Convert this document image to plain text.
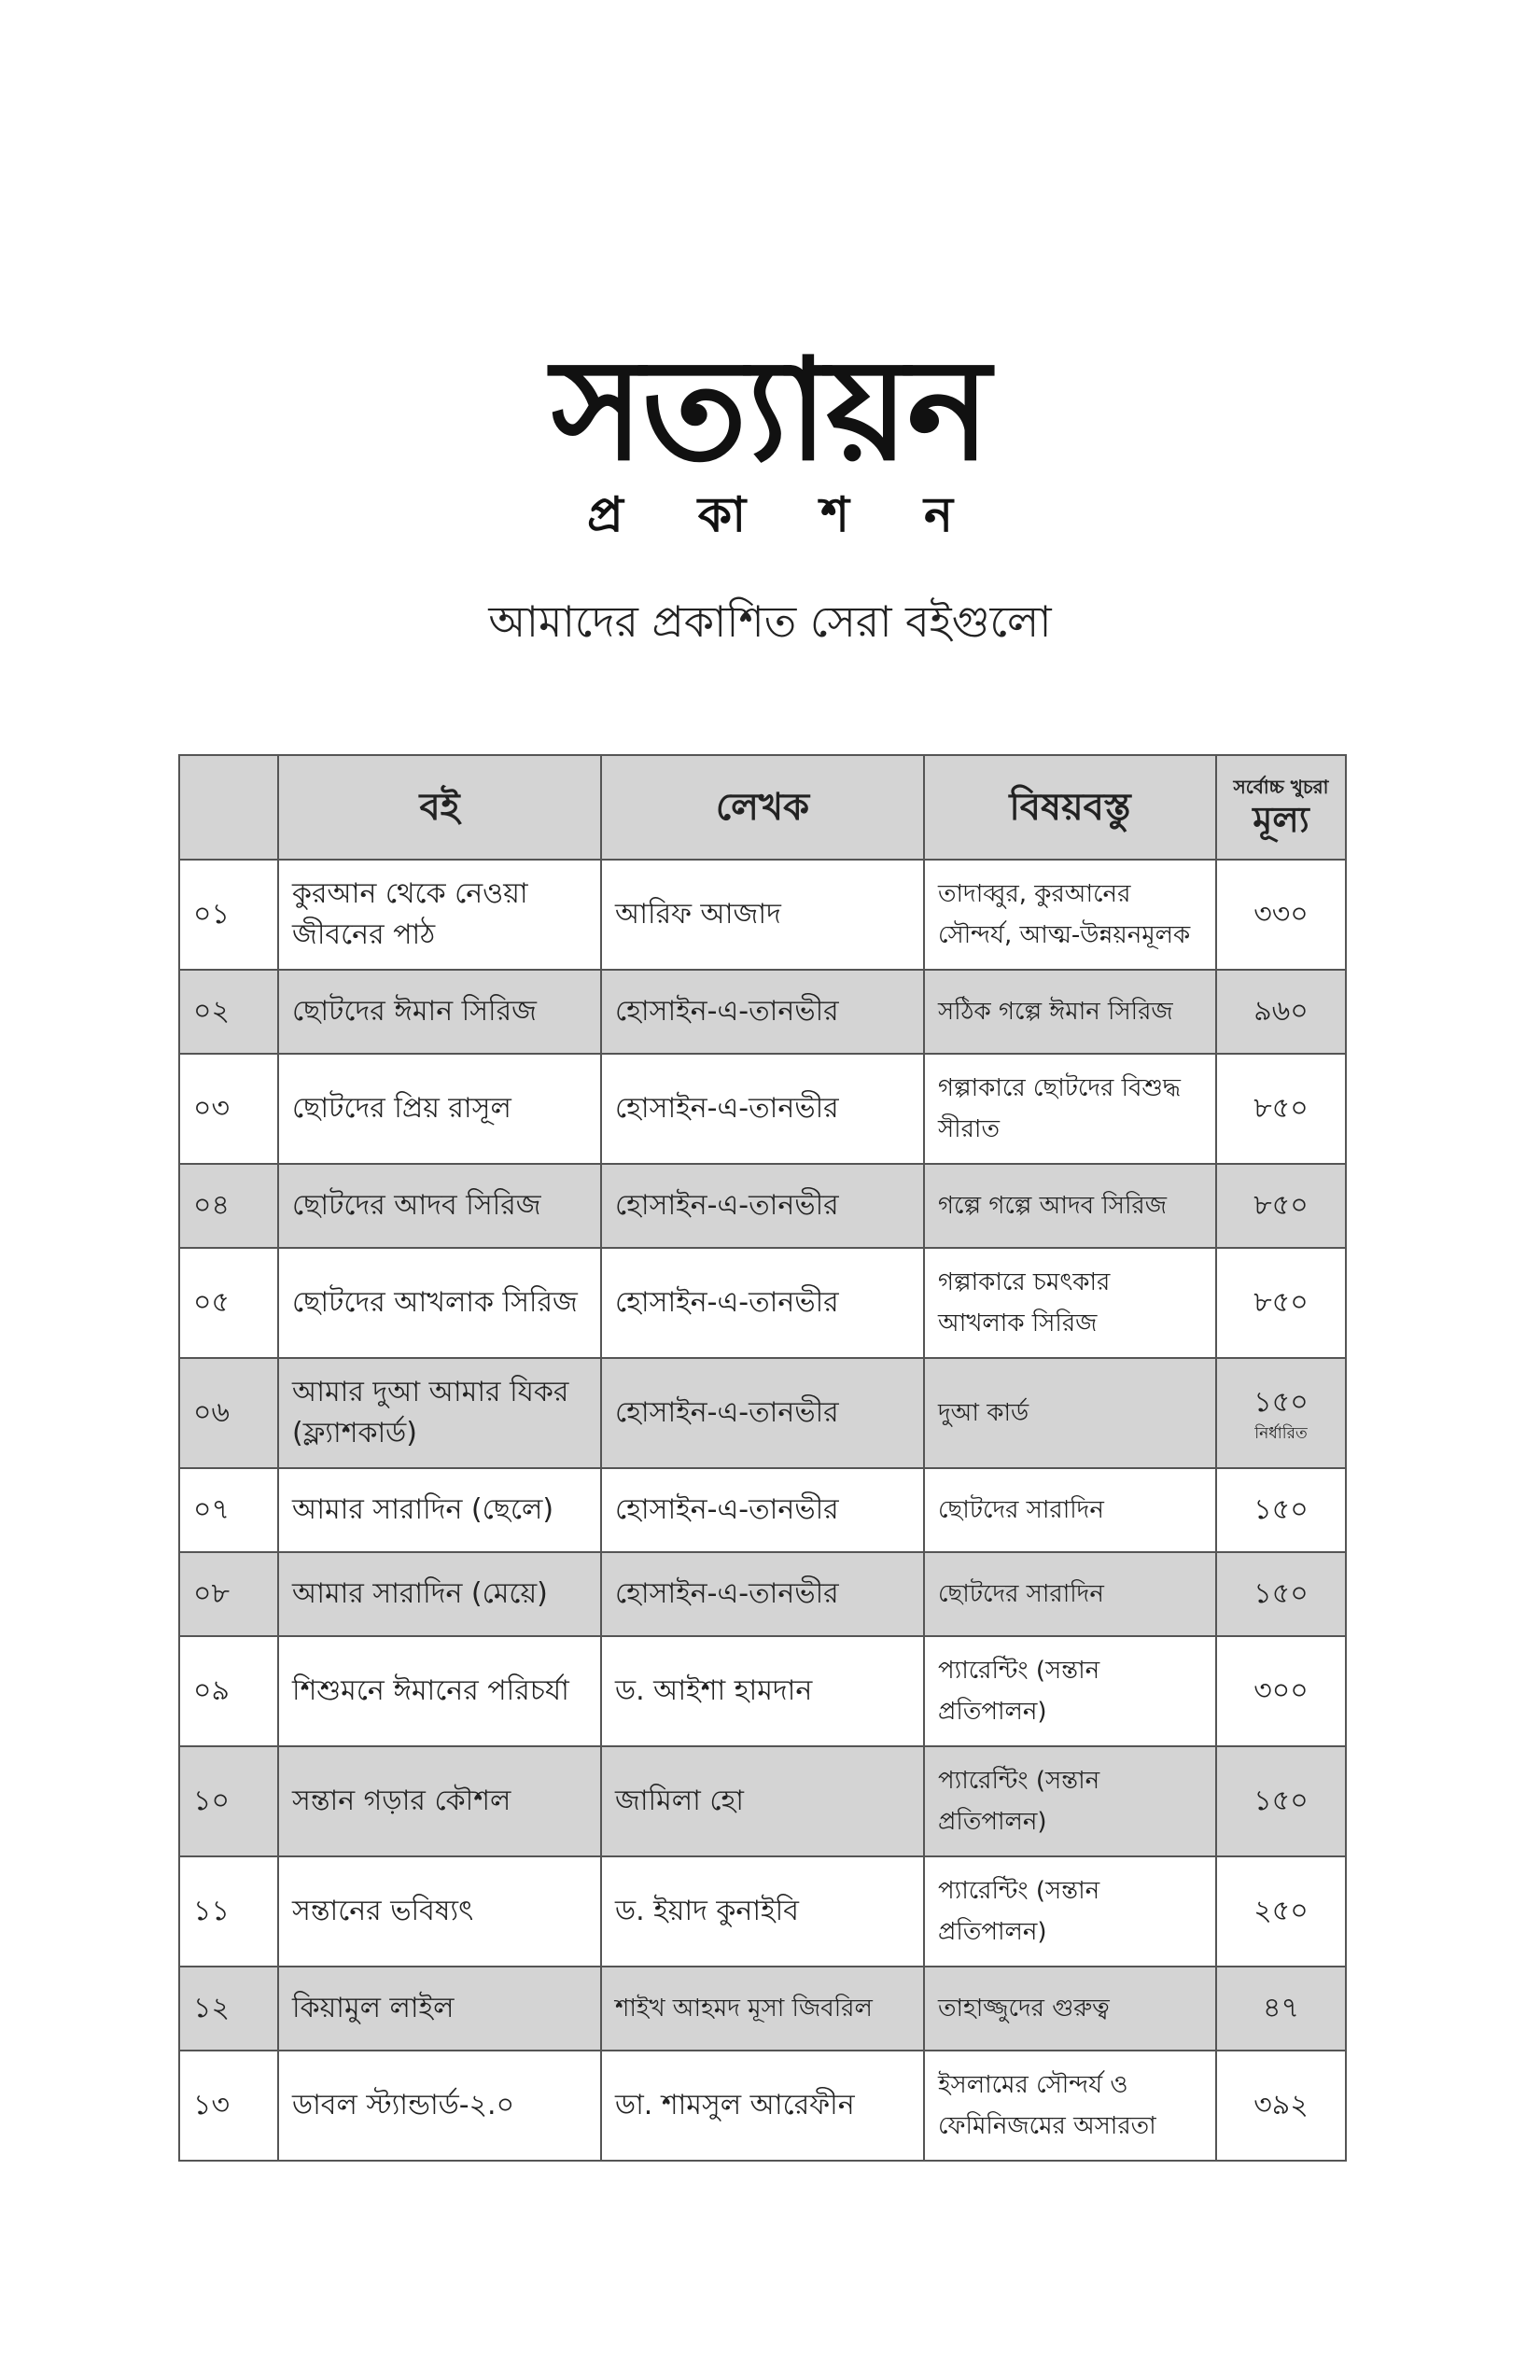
সত্যায়ন
প্র কা শ ন
আমাদের প্রকাশিত সেরা বইগুলো
	বই	লেখক	বিষয়বস্তু	সর্বোচ্চ খুচরা
মূল্য

০১	কুরআন থেকে নেওয়া জীবনের পাঠ	আরিফ আজাদ	তাদাব্বুর, কুরআনের সৌন্দর্য, আত্ম-উন্নয়নমূলক	৩৩০
০২	ছোটদের ঈমান সিরিজ	হোসাইন-এ-তানভীর	সঠিক গল্পে ঈমান সিরিজ	৯৬০
০৩	ছোটদের প্রিয় রাসূল	হোসাইন-এ-তানভীর	গল্পাকারে ছোটদের বিশুদ্ধ সীরাত	৮৫০
০৪	ছোটদের আদব সিরিজ	হোসাইন-এ-তানভীর	গল্পে গল্পে আদব সিরিজ	৮৫০
০৫	ছোটদের আখলাক সিরিজ	হোসাইন-এ-তানভীর	গল্পাকারে চমৎকার আখলাক সিরিজ	৮৫০
০৬	আমার দুআ আমার যিকর (ফ্ল্যাশকার্ড)	হোসাইন-এ-তানভীর	দুআ কার্ড	১৫০
নির্ধারিত

০৭	আমার সারাদিন (ছেলে)	হোসাইন-এ-তানভীর	ছোটদের সারাদিন	১৫০
০৮	আমার সারাদিন (মেয়ে)	হোসাইন-এ-তানভীর	ছোটদের সারাদিন	১৫০
০৯	শিশুমনে ঈমানের পরিচর্যা	ড. আইশা হামদান	প্যারেন্টিং (সন্তান প্রতিপালন)	৩০০
১০	সন্তান গড়ার কৌশল	জামিলা হো	প্যারেন্টিং (সন্তান প্রতিপালন)	১৫০
১১	সন্তানের ভবিষ্যৎ	ড. ইয়াদ কুনাইবি	প্যারেন্টিং (সন্তান প্রতিপালন)	২৫০
১২	কিয়ামুল লাইল	শাইখ আহমদ মূসা জিবরিল	তাহাজ্জুদের গুরুত্ব	৪৭
১৩	ডাবল স্ট্যান্ডার্ড-২.০	ডা. শামসুল আরেফীন	ইসলামের সৌন্দর্য ও ফেমিনিজমের অসারতা	৩৯২
